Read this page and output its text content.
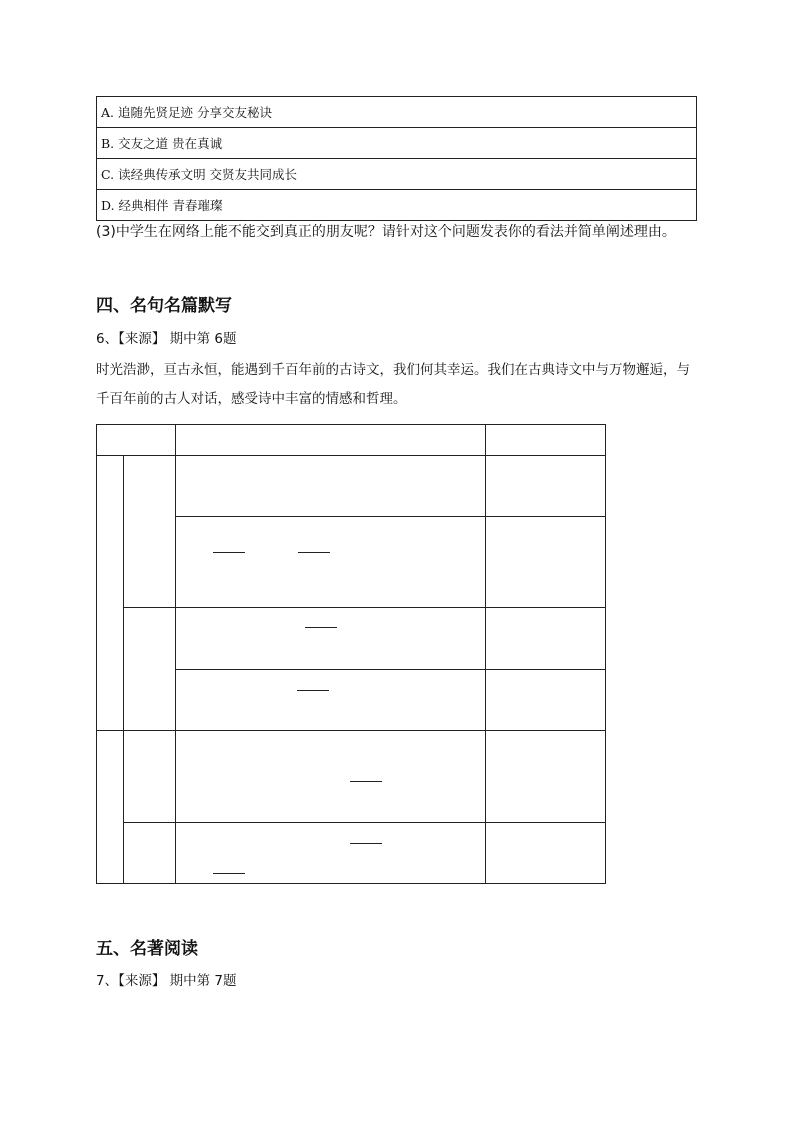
A. 追随先贤足迹 分享交友秘诀
B. 交友之道 贵在真诚
C. 读经典传承文明 交贤友共同成长
D. 经典相伴 青春璀璨
(3)中学生在网络上能不能交到真正的朋友呢？请针对这个问题发表你的看法并简单阐述理由。
四、名句名篇默写
6、【来源】 期中第 6题
时光浩渺，亘古永恒，能遇到千百年前的古诗文，我们何其幸运。我们在古典诗文中与万物邂逅，与千百年前的古人对话，感受诗中丰富的情感和哲理。

五、名著阅读
7、【来源】 期中第 7题
